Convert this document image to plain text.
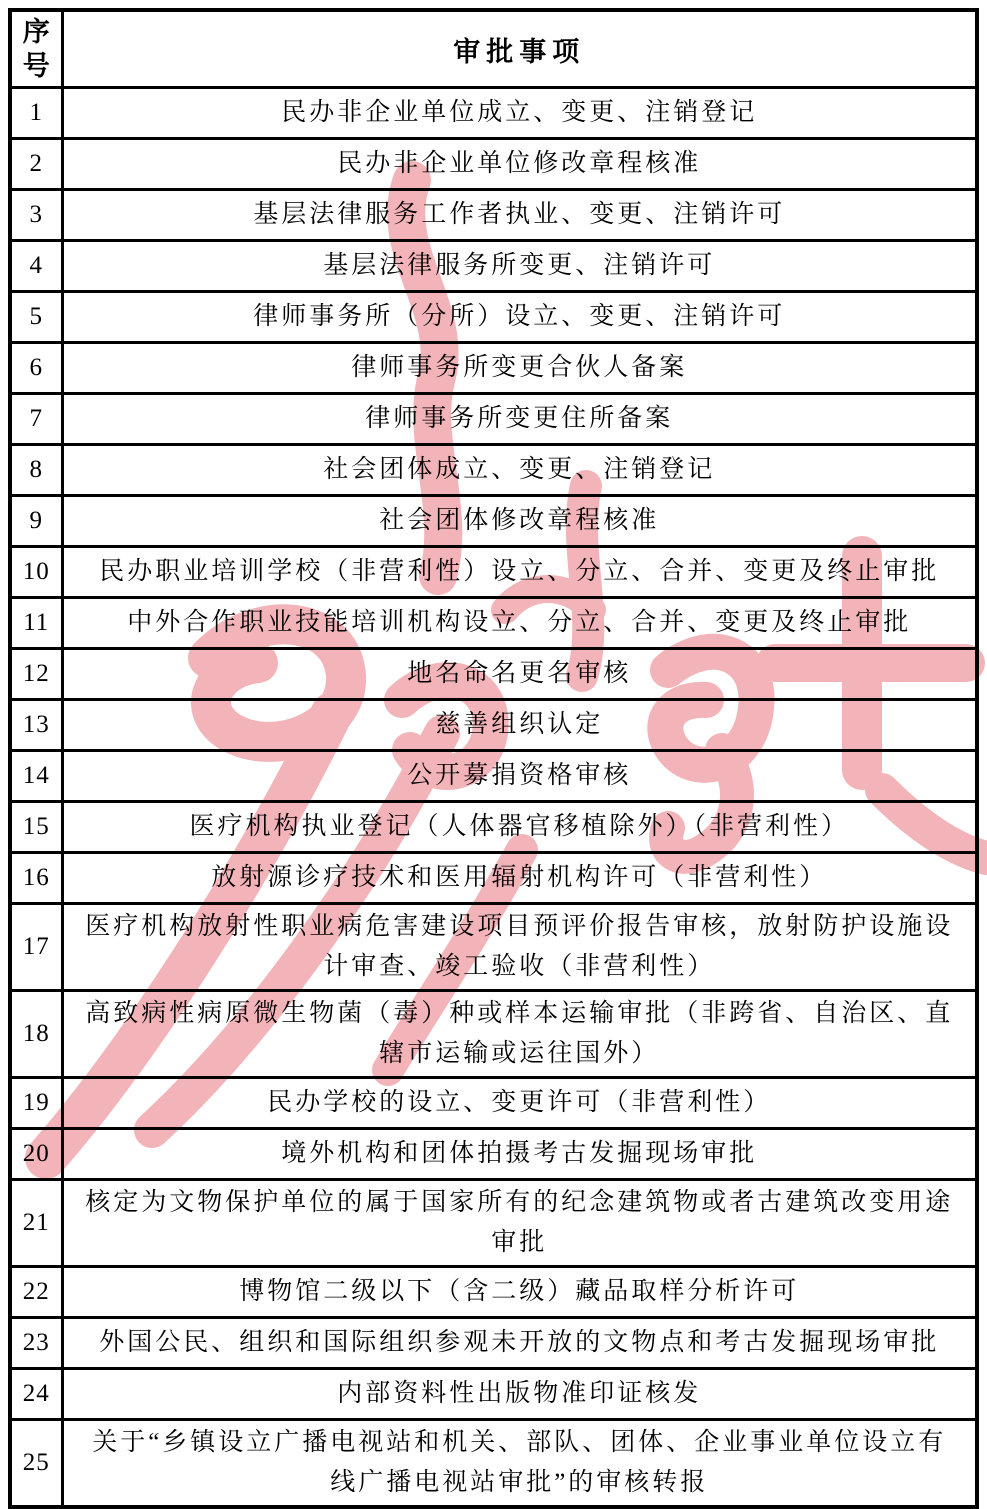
序号	审批事项
1	民办非企业单位成立、变更、注销登记
2	民办非企业单位修改章程核准
3	基层法律服务工作者执业、变更、注销许可
4	基层法律服务所变更、注销许可
5	律师事务所（分所）设立、变更、注销许可
6	律师事务所变更合伙人备案
7	律师事务所变更住所备案
8	社会团体成立、变更、注销登记
9	社会团体修改章程核准
10	民办职业培训学校（非营利性）设立、分立、合并、变更及终止审批
11	中外合作职业技能培训机构设立、分立、合并、变更及终止审批
12	地名命名更名审核
13	慈善组织认定
14	公开募捐资格审核
15	医疗机构执业登记（人体器官移植除外）（非营利性）
16	放射源诊疗技术和医用辐射机构许可（非营利性）
17	医疗机构放射性职业病危害建设项目预评价报告审核，放射防护设施设计审查、竣工验收（非营利性）
18	高致病性病原微生物菌（毒）种或样本运输审批（非跨省、自治区、直辖市运输或运往国外）
19	民办学校的设立、变更许可（非营利性）
20	境外机构和团体拍摄考古发掘现场审批
21	核定为文物保护单位的属于国家所有的纪念建筑物或者古建筑改变用途审批
22	博物馆二级以下（含二级）藏品取样分析许可
23	外国公民、组织和国际组织参观未开放的文物点和考古发掘现场审批
24	内部资料性出版物准印证核发
25	关于“乡镇设立广播电视站和机关、部队、团体、企业事业单位设立有线广播电视站审批”的审核转报
